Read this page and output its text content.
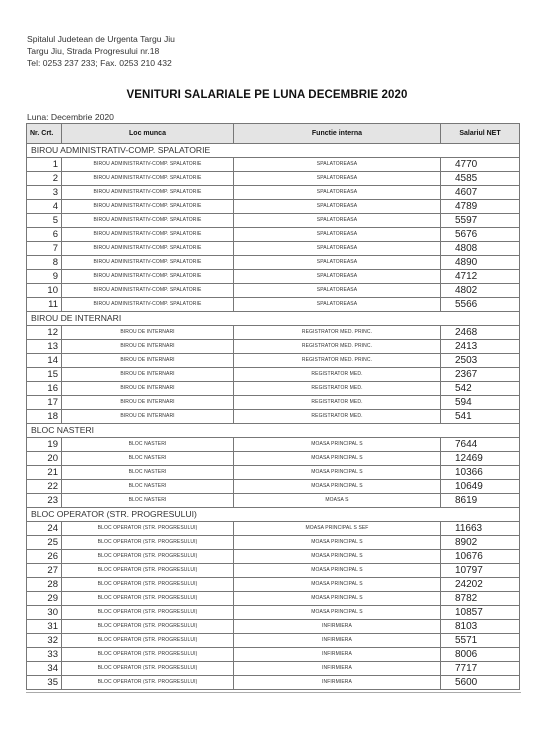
Spitalul Judetean de Urgenta Targu Jiu
Targu Jiu, Strada Progresului nr.18
Tel: 0253 237 233; Fax. 0253 210 432
VENITURI SALARIALE PE LUNA DECEMBRIE 2020
Luna: Decembrie 2020
Nr. Crt.	Loc munca	Functie interna	Salariul NET
BIROU ADMINISTRATIV-COMP. SPALATORIE			
1	BIROU ADMINISTRATIV-COMP. SPALATORIE	SPALATOREASA	4770
2	BIROU ADMINISTRATIV-COMP. SPALATORIE	SPALATOREASA	4585
3	BIROU ADMINISTRATIV-COMP. SPALATORIE	SPALATOREASA	4607
4	BIROU ADMINISTRATIV-COMP. SPALATORIE	SPALATOREASA	4789
5	BIROU ADMINISTRATIV-COMP. SPALATORIE	SPALATOREASA	5597
6	BIROU ADMINISTRATIV-COMP. SPALATORIE	SPALATOREASA	5676
7	BIROU ADMINISTRATIV-COMP. SPALATORIE	SPALATOREASA	4808
8	BIROU ADMINISTRATIV-COMP. SPALATORIE	SPALATOREASA	4890
9	BIROU ADMINISTRATIV-COMP. SPALATORIE	SPALATOREASA	4712
10	BIROU ADMINISTRATIV-COMP. SPALATORIE	SPALATOREASA	4802
11	BIROU ADMINISTRATIV-COMP. SPALATORIE	SPALATOREASA	5566
BIROU DE INTERNARI			
12	BIROU DE INTERNARI	REGISTRATOR MED. PRINC.	2468
13	BIROU DE INTERNARI	REGISTRATOR MED. PRINC.	2413
14	BIROU DE INTERNARI	REGISTRATOR MED. PRINC.	2503
15	BIROU DE INTERNARI	REGISTRATOR MED.	2367
16	BIROU DE INTERNARI	REGISTRATOR MED.	542
17	BIROU DE INTERNARI	REGISTRATOR MED.	594
18	BIROU DE INTERNARI	REGISTRATOR MED.	541
BLOC NASTERI			
19	BLOC NASTERI	MOASA PRINCIPAL S	7644
20	BLOC NASTERI	MOASA PRINCIPAL S	12469
21	BLOC NASTERI	MOASA PRINCIPAL S	10366
22	BLOC NASTERI	MOASA PRINCIPAL S	10649
23	BLOC NASTERI	MOASA S	8619
BLOC OPERATOR (STR. PROGRESULUI)			
24	BLOC OPERATOR (STR. PROGRESULUI)	MOASA PRINCIPAL S SEF	11663
25	BLOC OPERATOR (STR. PROGRESULUI)	MOASA PRINCIPAL S	8902
26	BLOC OPERATOR (STR. PROGRESULUI)	MOASA PRINCIPAL S	10676
27	BLOC OPERATOR (STR. PROGRESULUI)	MOASA PRINCIPAL S	10797
28	BLOC OPERATOR (STR. PROGRESULUI)	MOASA PRINCIPAL S	24202
29	BLOC OPERATOR (STR. PROGRESULUI)	MOASA PRINCIPAL S	8782
30	BLOC OPERATOR (STR. PROGRESULUI)	MOASA PRINCIPAL S	10857
31	BLOC OPERATOR (STR. PROGRESULUI)	INFIRMIERA	8103
32	BLOC OPERATOR (STR. PROGRESULUI)	INFIRMIERA	5571
33	BLOC OPERATOR (STR. PROGRESULUI)	INFIRMIERA	8006
34	BLOC OPERATOR (STR. PROGRESULUI)	INFIRMIERA	7717
35	BLOC OPERATOR (STR. PROGRESULUI)	INFIRMIERA	5600
